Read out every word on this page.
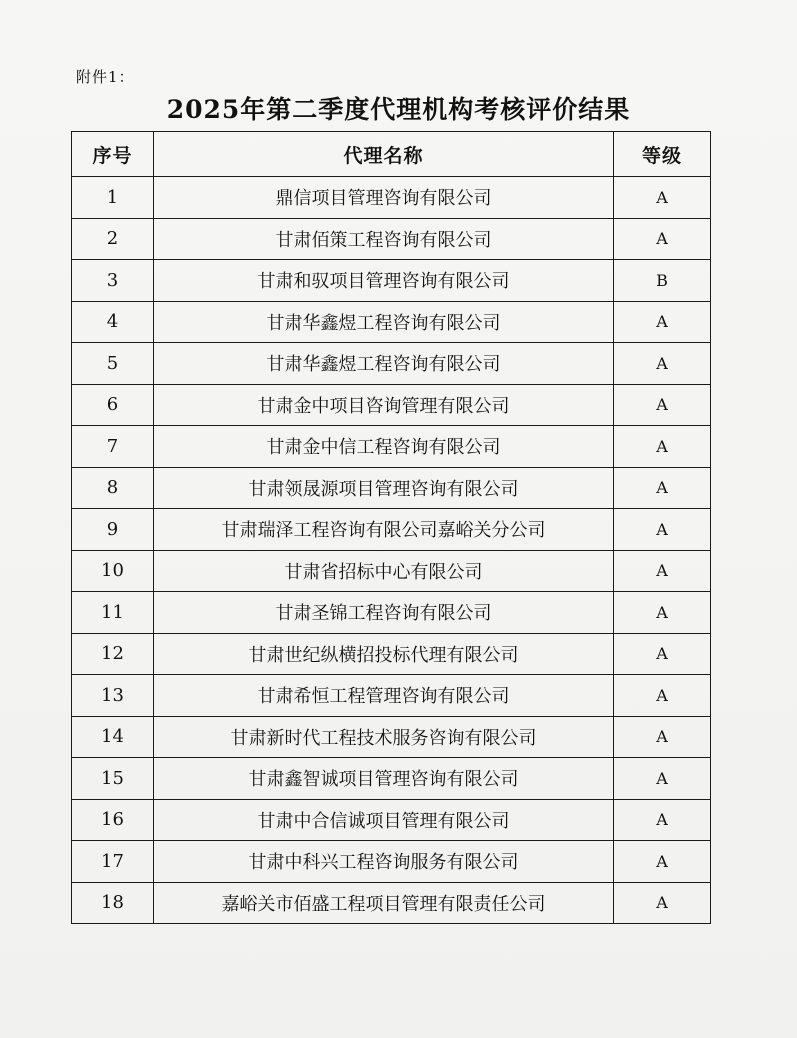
附件1：
2025年第二季度代理机构考核评价结果
序号	代理名称	等级
1	鼎信项目管理咨询有限公司	A
2	甘肃佰策工程咨询有限公司	A
3	甘肃和驭项目管理咨询有限公司	B
4	甘肃华鑫煜工程咨询有限公司	A
5	甘肃华鑫煜工程咨询有限公司	A
6	甘肃金中项目咨询管理有限公司	A
7	甘肃金中信工程咨询有限公司	A
8	甘肃领晟源项目管理咨询有限公司	A
9	甘肃瑞泽工程咨询有限公司嘉峪关分公司	A
10	甘肃省招标中心有限公司	A
11	甘肃圣锦工程咨询有限公司	A
12	甘肃世纪纵横招投标代理有限公司	A
13	甘肃希恒工程管理咨询有限公司	A
14	甘肃新时代工程技术服务咨询有限公司	A
15	甘肃鑫智诚项目管理咨询有限公司	A
16	甘肃中合信诚项目管理有限公司	A
17	甘肃中科兴工程咨询服务有限公司	A
18	嘉峪关市佰盛工程项目管理有限责任公司	A
